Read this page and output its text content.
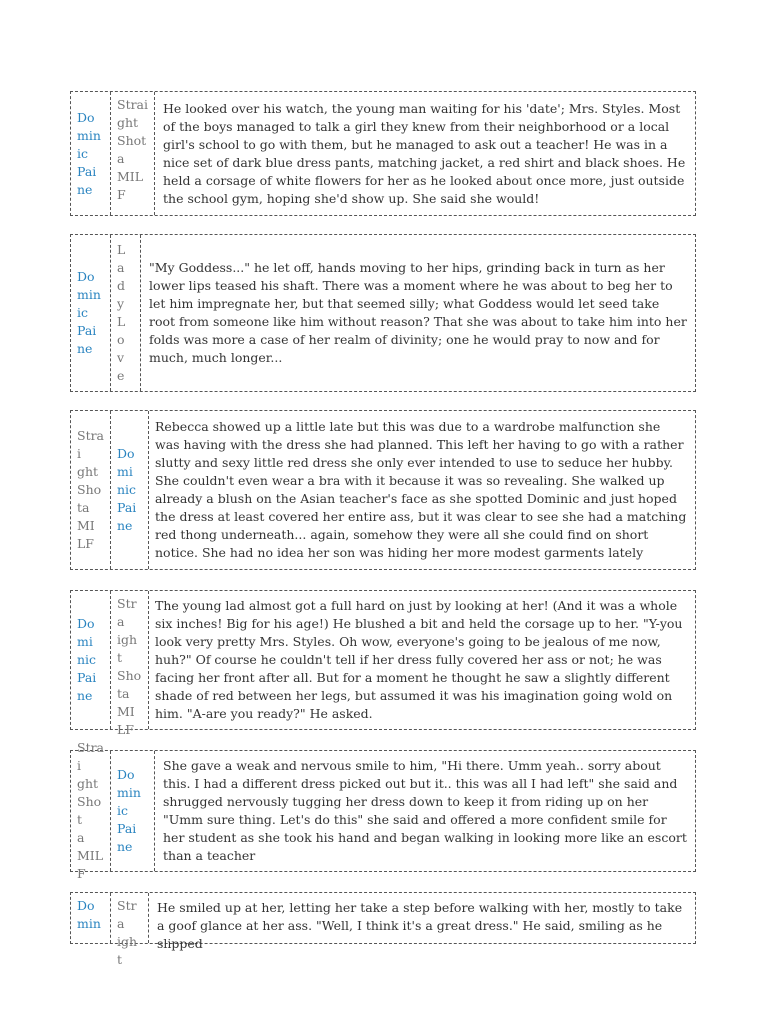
Do
min
ic
Pai
ne
Strai
ght
Shot
a
MIL
F
He looked over his watch, the young man waiting for his 'date'; Mrs. Styles. Most of the boys managed to talk a girl they knew from their neighborhood or a local girl's school to go with them, but he managed to ask out a teacher! He was in a nice set of dark blue dress pants, matching jacket, a red shirt and black shoes. He held a corsage of white flowers for her as he looked about once more, just outside the school gym, hoping she'd show up. She said she would!
Do
min
ic
Pai
ne
L
a
d
y
L
o
v
e
"My Goddess..." he let off, hands moving to her hips, grinding back in turn as her lower lips teased his shaft. There was a moment where he was about to beg her to let him impregnate her, but that seemed silly; what Goddess would let seed take root from someone like him without reason? That she was about to take him into her folds was more a case of her realm of divinity; one he would pray to now and for much, much longer...
Strai
ght
Sho
ta
MI
LF
Do
mi
nic
Pai
ne
Rebecca showed up a little late but this was due to a wardrobe malfunction she was having with the dress she had planned. This left her having to go with a rather slutty and sexy little red dress she only ever intended to use to seduce her hubby. She couldn't even wear a bra with it because it was so revealing. She walked up already a blush on the Asian teacher's face as she spotted Dominic and just hoped the dress at least covered her entire ass, but it was clear to see she had a matching red thong underneath... again, somehow they were all she could find on short notice. She had no idea her son was hiding her more modest garments lately
Do
mi
nic
Pai
ne
Stra
ight
Sho
ta
MI
LF
The young lad almost got a full hard on just by looking at her! (And it was a whole six inches! Big for his age!) He blushed a bit and held the corsage up to her. "Y-you look very pretty Mrs. Styles. Oh wow, everyone's going to be jealous of me now, huh?" Of course he couldn't tell if her dress fully covered her ass or not; he was facing her front after all. But for a moment he thought he saw a slightly different shade of red between her legs, but assumed it was his imagination going wold on him. "A-are you ready?" He asked.
Strai
ght
Shot
a
MIL
F
Do
min
ic
Pai
ne
She gave a weak and nervous smile to him, "Hi there. Umm yeah.. sorry about this. I had a different dress picked out but it.. this was all I had left" she said and shrugged nervously tugging her dress down to keep it from riding up on her "Umm sure thing. Let's do this" she said and offered a more confident smile for her student as she took his hand and began walking in looking more like an escort than a teacher
Do
min
Stra
ight
He smiled up at her, letting her take a step before walking with her, mostly to take a goof glance at her ass. "Well, I think it's a great dress." He said, smiling as he slipped
